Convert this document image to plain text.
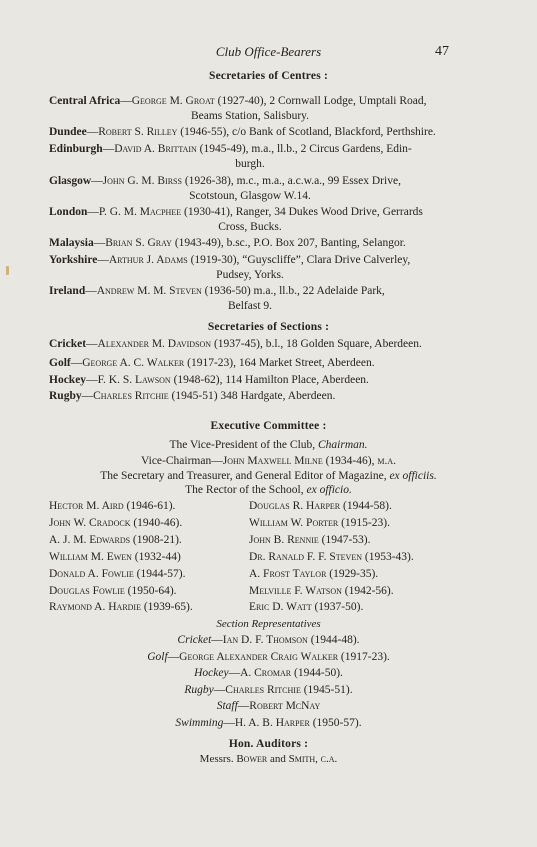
Club Office-Bearers	47
Secretaries of Centres :
Central Africa—George M. Groat (1927-40), 2 Cornwall Lodge, Umptali Road,
Beams Station, Salisbury.
Dundee—Robert S. Rilley (1946-55), c/o Bank of Scotland, Blackford, Perthshire.
Edinburgh—David A. Brittain (1945-49), m.a., ll.b., 2 Circus Gardens, Edin-
burgh.
Glasgow—John G. M. Birss (1926-38), m.c., m.a., a.c.w.a., 99 Essex Drive,
Scotstoun, Glasgow W.14.
London—P. G. M. Macphee (1930-41), Ranger, 34 Dukes Wood Drive, Gerrards
Cross, Bucks.
Malaysia—Brian S. Gray (1943-49), b.sc., P.O. Box 207, Banting, Selangor.
Yorkshire—Arthur J. Adams (1919-30), “Guyscliffe”, Clara Drive Calverley,
Pudsey, Yorks.
Ireland—Andrew M. M. Steven (1936-50) m.a., ll.b., 22 Adelaide Park,
Belfast 9.
Secretaries of Sections :
Cricket—Alexander M. Davidson (1937-45), b.l., 18 Golden Square, Aberdeen.
Golf—George A. C. Walker (1917-23), 164 Market Street, Aberdeen.
Hockey—F. K. S. Lawson (1948-62), 114 Hamilton Place, Aberdeen.
Rugby—Charles Ritchie (1945-51) 348 Hardgate, Aberdeen.
Executive Committee :
The Vice-President of the Club, Chairman.
Vice-Chairman—John Maxwell Milne (1934-46), m.a.
The Secretary and Treasurer, and General Editor of Magazine, ex officiis.
The Rector of the School, ex officio.
Hector M. Aird (1946-61).
John W. Cradock (1940-46).
A. J. M. Edwards (1908-21).
William M. Ewen (1932-44)
Donald A. Fowlie (1944-57).
Douglas Fowlie (1950-64).
Raymond A. Hardie (1939-65).
Douglas R. Harper (1944-58).
William W. Porter (1915-23).
John B. Rennie (1947-53).
Dr. Ranald F. F. Steven (1953-43).
A. Frost Taylor (1929-35).
Melville F. Watson (1942-56).
Eric D. Watt (1937-50).
Section Representatives
Cricket—Ian D. F. Thomson (1944-48).
Golf—George Alexander Craig Walker (1917-23).
Hockey—A. Cromar (1944-50).
Rugby—Charles Ritchie (1945-51).
Staff—Robert McNay
Swimming—H. A. B. Harper (1950-57).
Hon. Auditors :
Messrs. Bower and Smith, c.a.
